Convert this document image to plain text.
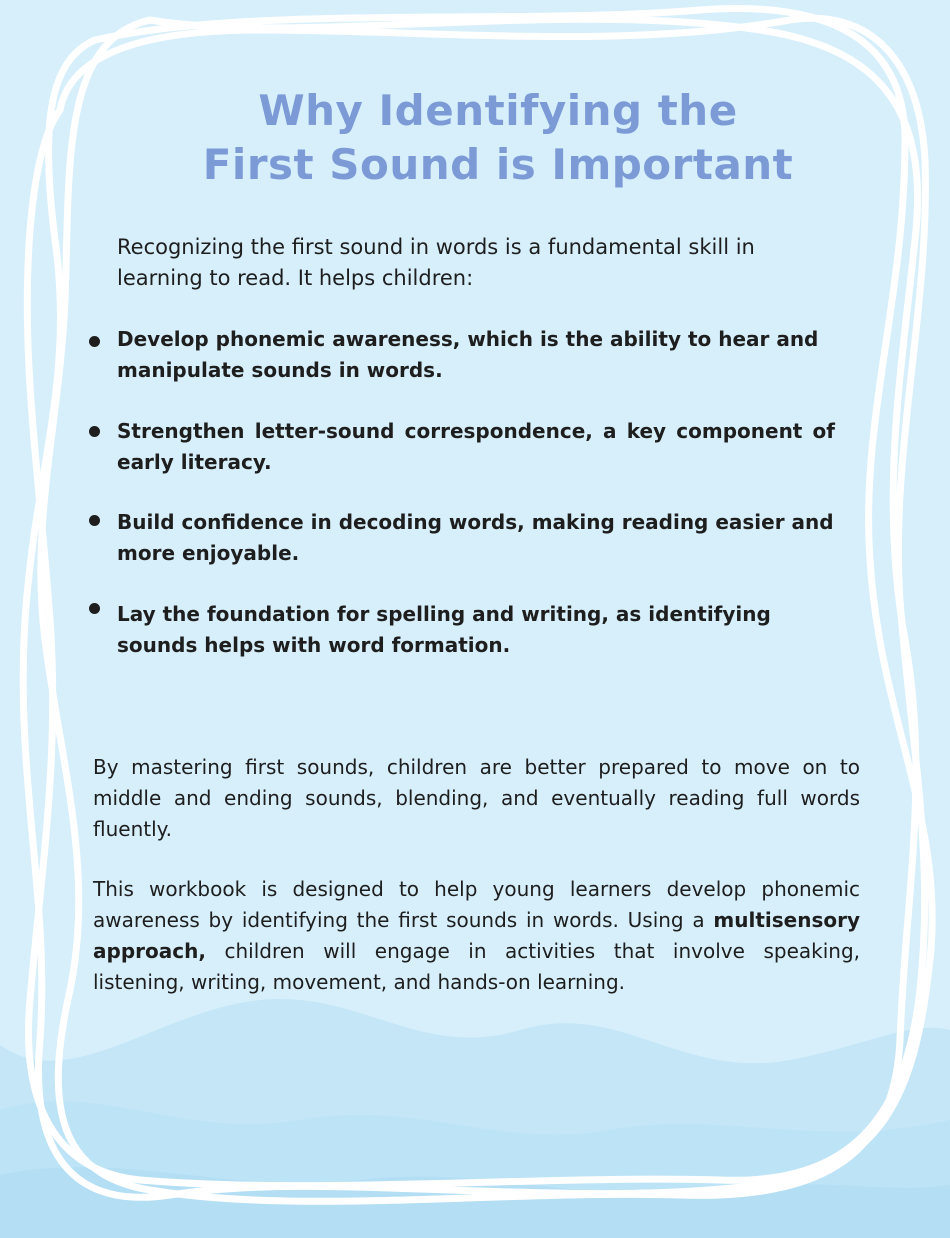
Why Identifying the
First Sound is Important

Recognizing the first sound in words is a fundamental skill in learning to read. It helps children:

Develop phonemic awareness, which is the ability to hear and manipulate sounds in words.
Strengthen letter-sound correspondence, a key component of early literacy.
Build confidence in decoding words, making reading easier and more enjoyable.
Lay the foundation for spelling and writing, as identifying sounds helps with word formation.

By mastering first sounds, children are better prepared to move on to middle and ending sounds, blending, and eventually reading full words fluently.

This workbook is designed to help young learners develop phonemic awareness by identifying the first sounds in words. Using a multisensory approach, children will engage in activities that involve speaking, listening, writing, movement, and hands-on learning.
